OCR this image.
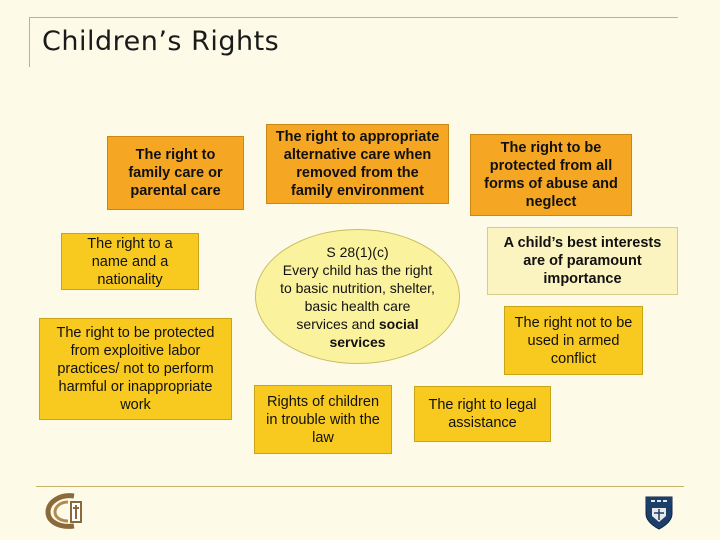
Children’s Rights
The right to
family care or
parental care
The right to appropriate
alternative care when
removed from the
family environment
The right to be
protected from all
forms of abuse and
neglect
The right to a
name and a
nationality
A child’s best interests
are of paramount
importance
The right to be protected
from exploitive labor
practices/ not to perform
harmful or inappropriate
work
The right not to be
used in armed
conflict
Rights of children
in trouble with the
law
The right to legal
assistance
S 28(1)(c)
Every child has the right
to basic nutrition, shelter,
basic health care
services and social
services
